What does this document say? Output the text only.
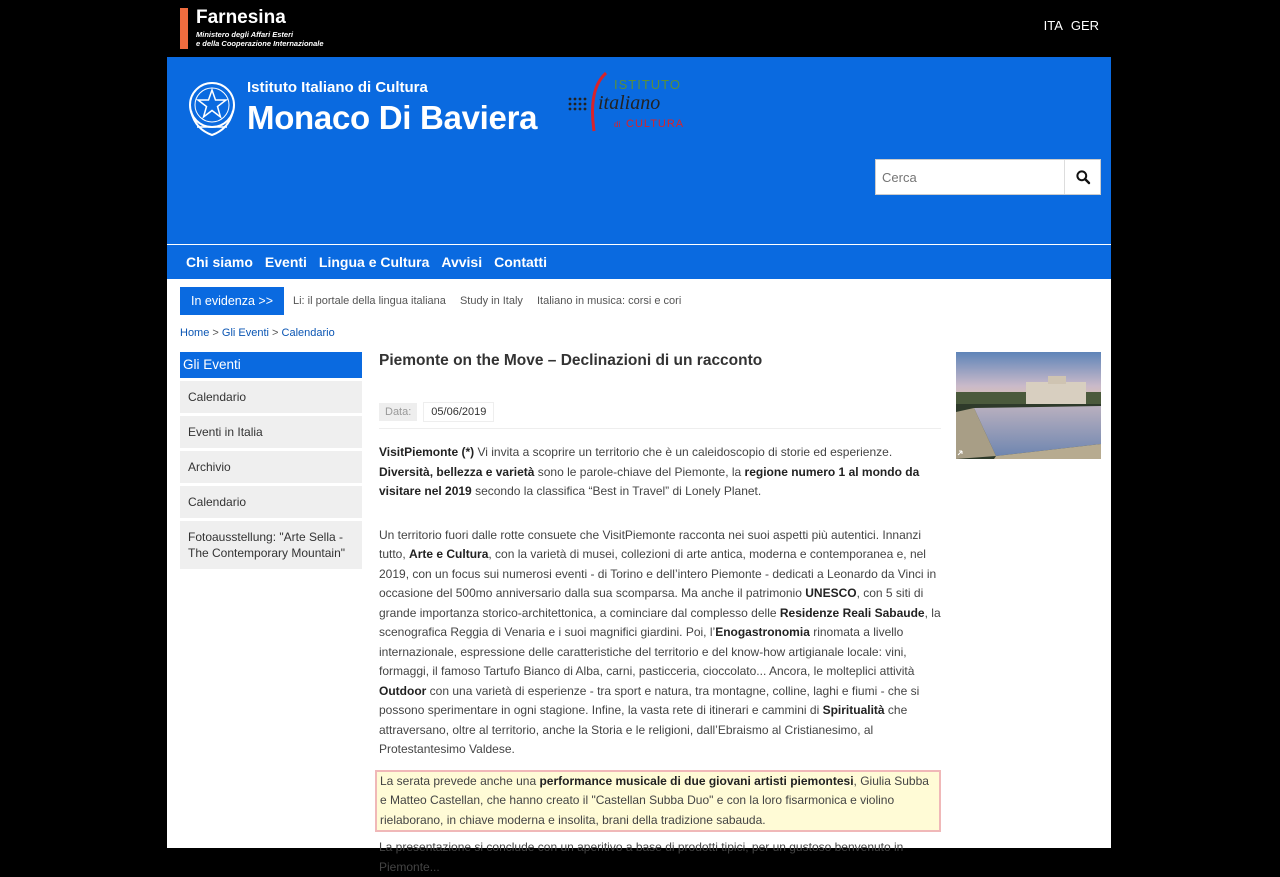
Farnesina
Ministero degli Affari Esteri
e della Cooperazione Internazionale
ITA GER
Istituto Italiano di Cultura
Monaco Di Baviera
ISTITUTO
italiano
di CULTURA
Cerca
Chi siamo Eventi Lingua e Cultura Avvisi Contatti
In evidenza >>	Li: il portale della lingua italiana Study in Italy Italiano in musica: corsi e cori
Home > Gli Eventi > Calendario
Gli Eventi
Calendario
Eventi in Italia
Archivio
Calendario
Fotoausstellung: "Arte Sella - The Contemporary Mountain"
Piemonte on the Move – Declinazioni di un racconto
Data:	05/06/2019

VisitPiemonte (*) Vi invita a scoprire un territorio che è un caleidoscopio di storie ed esperienze. Diversità, bellezza e varietà sono le parole-chiave del Piemonte, la regione numero 1 al mondo da visitare nel 2019 secondo la classifica “Best in Travel” di Lonely Planet.

Un territorio fuori dalle rotte consuete che VisitPiemonte racconta nei suoi aspetti più autentici. Innanzi tutto, Arte e Cultura, con la varietà di musei, collezioni di arte antica, moderna e contemporanea e, nel 2019, con un focus sui numerosi eventi - di Torino e dell’intero Piemonte - dedicati a Leonardo da Vinci in occasione del 500mo anniversario dalla sua scomparsa. Ma anche il patrimonio UNESCO, con 5 siti di grande importanza storico-architettonica, a cominciare dal complesso delle Residenze Reali Sabaude, la scenografica Reggia di Venaria e i suoi magnifici giardini. Poi, l’Enogastronomia rinomata a livello internazionale, espressione delle caratteristiche del territorio e del know-how artigianale locale: vini, formaggi, il famoso Tartufo Bianco di Alba, carni, pasticceria, cioccolato... Ancora, le molteplici attività Outdoor con una varietà di esperienze - tra sport e natura, tra montagne, colline, laghi e fiumi - che si possono sperimentare in ogni stagione. Infine, la vasta rete di itinerari e cammini di Spiritualità che attraversano, oltre al territorio, anche la Storia e le religioni, dall’Ebraismo al Cristianesimo, al Protestantesimo Valdese.

La serata prevede anche una performance musicale di due giovani artisti piemontesi, Giulia Subba e Matteo Castellan, che hanno creato il "Castellan Subba Duo" e con la loro fisarmonica e violino rielaborano, in chiave moderna e insolita, brani della tradizione sabauda.

La presentazione si conclude con un aperitivo a base di prodotti tipici, per un gustoso benvenuto in Piemonte...
